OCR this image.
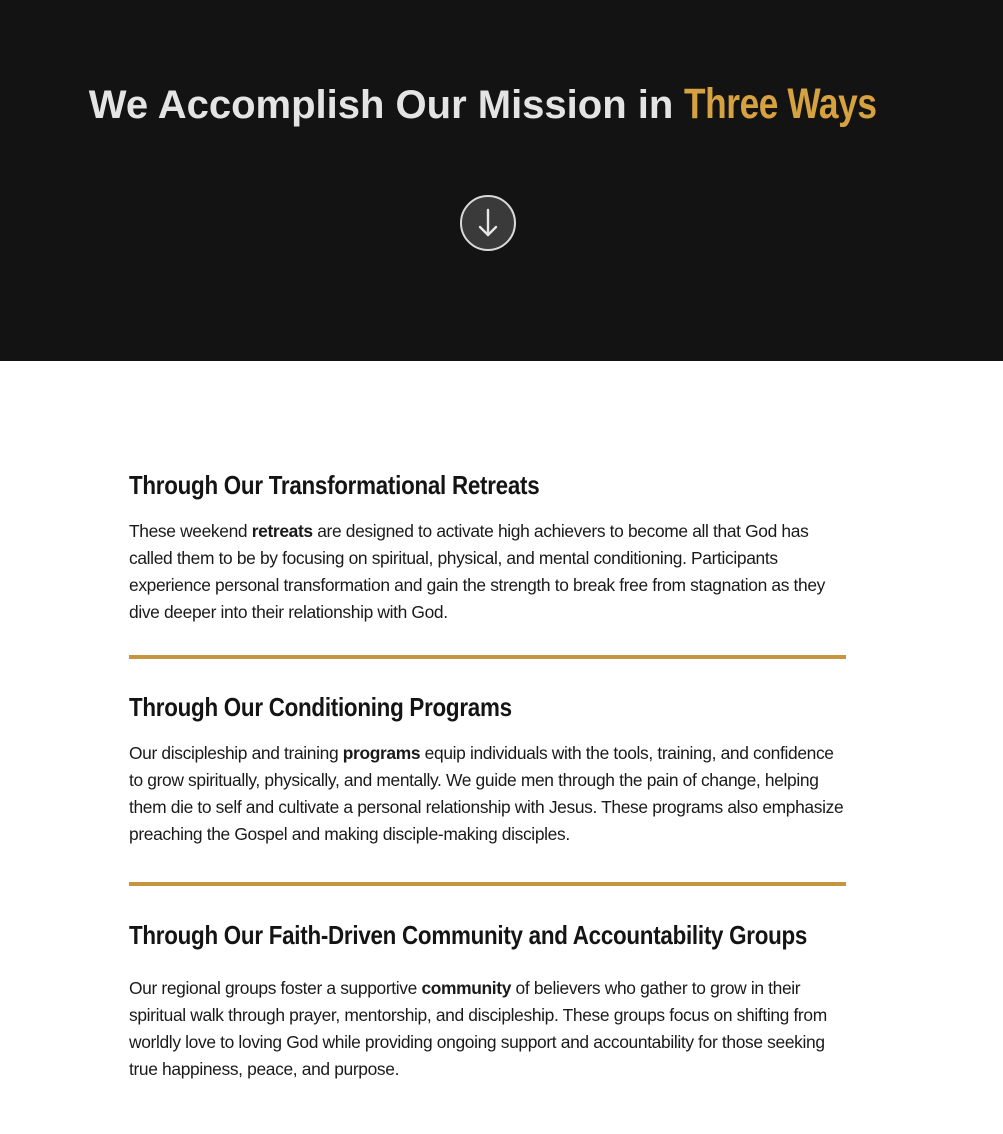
We Accomplish Our Mission in Three Ways
Through Our Transformational Retreats

These weekend retreats are designed to activate high achievers to become all that God has called them to be by focusing on spiritual, physical, and mental conditioning. Participants experience personal transformation and gain the strength to break free from stagnation as they dive deeper into their relationship with God.

Through Our Conditioning Programs

Our discipleship and training programs equip individuals with the tools, training, and confidence to grow spiritually, physically, and mentally. We guide men through the pain of change, helping them die to self and cultivate a personal relationship with Jesus. These programs also emphasize preaching the Gospel and making disciple-making disciples.

Through Our Faith-Driven Community and Accountability Groups

Our regional groups foster a supportive community of believers who gather to grow in their spiritual walk through prayer, mentorship, and discipleship. These groups focus on shifting from worldly love to loving God while providing ongoing support and accountability for those seeking true happiness, peace, and purpose.
